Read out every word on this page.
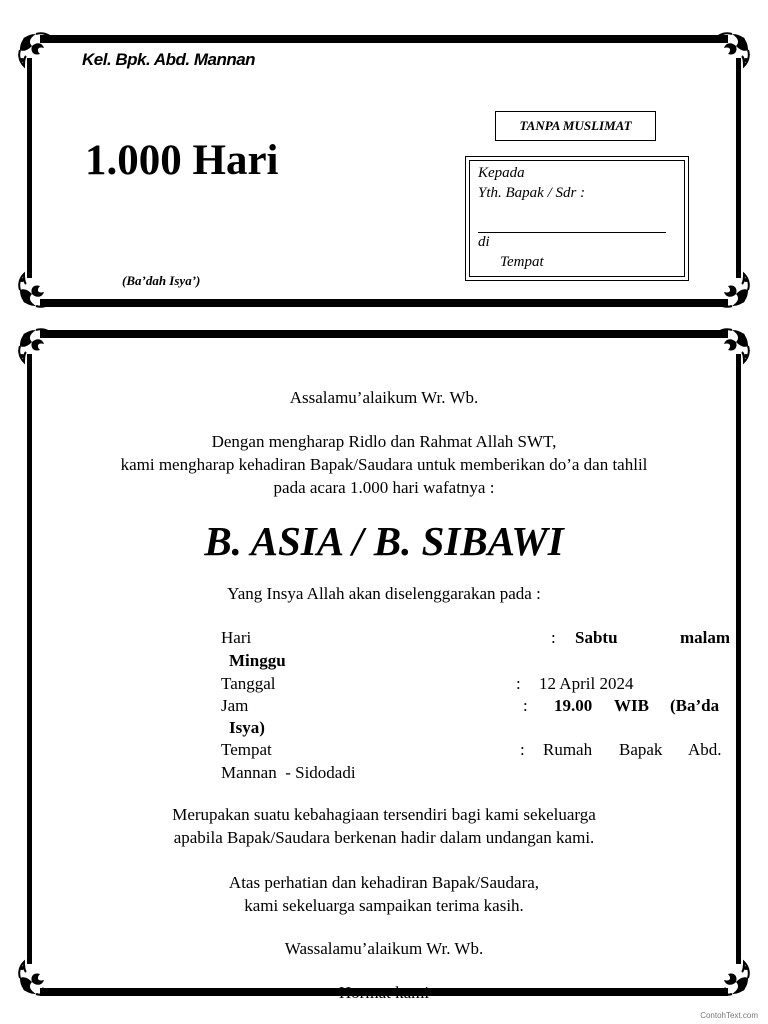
Kel. Bpk. Abd. Mannan
1.000 Hari
(Ba’dah Isya’)
TANPA MUSLIMAT
Kepada
Yth. Bapak / Sdr :
di
Tempat
Assalamu’alaikum Wr. Wb.
Dengan mengharap Ridlo dan Rahmat Allah SWT,
kami mengharap kehadiran Bapak/Saudara untuk memberikan do’a dan tahlil
pada acara 1.000 hari wafatnya :
B. ASIA / B. SIBAWI
Yang Insya Allah akan diselenggarakan pada :
Hari	: Sabtu	malam
Minggu
Tanggal	: 12 April 2024
Jam	: 19.00 WIB (Ba’da
Isya)
Tempat	: Rumah Bapak Abd.
Mannan  - Sidodadi
Merupakan suatu kebahagiaan tersendiri bagi kami sekeluarga
apabila Bapak/Saudara berkenan hadir dalam undangan kami.
Atas perhatian dan kehadiran Bapak/Saudara,
kami sekeluarga sampaikan terima kasih.
Wassalamu’alaikum Wr. Wb.
Hormat kami
ContohText.com
